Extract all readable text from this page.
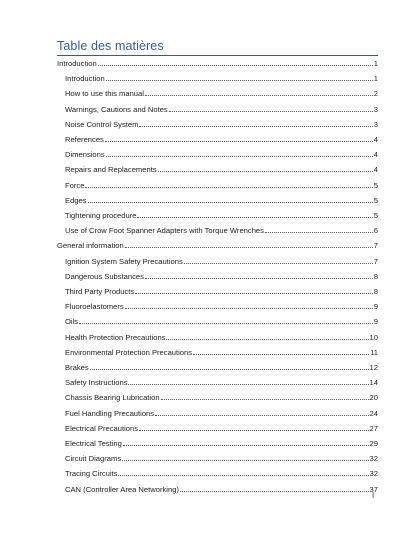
Table des matières
Introduction	1
Introduction	1
How to use this manual	2
Warnings, Cautions and Notes	3
Noise Control System	3
References	4
Dimensions	4
Repairs and Replacements	4
Force	5
Edges	5
Tightening procedure	5
Use of Crow Foot Spanner Adapters with Torque Wrenches	6
General information	7
Ignition System Safety Precautions	7
Dangerous Substances	8
Third Party Products	8
Fluoroelastomers	9
Oils	9
Health Protection Precautions	10
Environmental Protection Precautions	11
Brakes	12
Safety Instructions	14
Chassis Bearing Lubrication	20
Fuel Handling Precautions	24
Electrical Precautions	27
Electrical Testing	29
Circuit Diagrams	32
Tracing Circuits	32
CAN (Controller Area Networking)	37
I
